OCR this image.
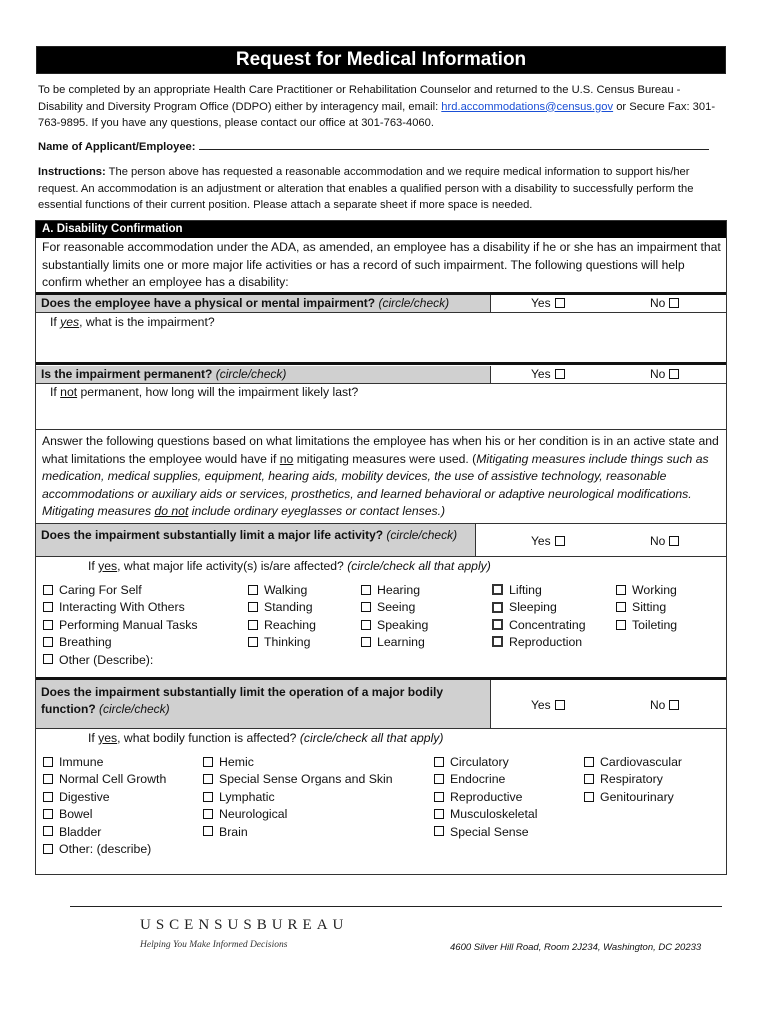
Request for Medical Information
To be completed by an appropriate Health Care Practitioner or Rehabilitation Counselor and returned to the U.S. Census Bureau - Disability and Diversity Program Office (DDPO) either by interagency mail, email: hrd.accommodations@census.gov or Secure Fax: 301-763-9895. If you have any questions, please contact our office at 301-763-4060.
Name of Applicant/Employee:
Instructions: The person above has requested a reasonable accommodation and we require medical information to support his/her request. An accommodation is an adjustment or alteration that enables a qualified person with a disability to successfully perform the essential functions of their current position. Please attach a separate sheet if more space is needed.
A. Disability Confirmation
For reasonable accommodation under the ADA, as amended, an employee has a disability if he or she has an impairment that substantially limits one or more major life activities or has a record of such impairment. The following questions will help confirm whether an employee has a disability:
Does the employee have a physical or mental impairment? (circle/check)	Yes	No
If yes, what is the impairment?
Is the impairment permanent? (circle/check)	Yes	No
If not permanent, how long will the impairment likely last?
Answer the following questions based on what limitations the employee has when his or her condition is in an active state and what limitations the employee would have if no mitigating measures were used. (Mitigating measures include things such as medication, medical supplies, equipment, hearing aids, mobility devices, the use of assistive technology, reasonable accommodations or auxiliary aids or services, prosthetics, and learned behavioral or adaptive neurological modifications. Mitigating measures do not include ordinary eyeglasses or contact lenses.)
Does the impairment substantially limit a major life activity? (circle/check)	Yes	No
If yes, what major life activity(s) is/are affected? (circle/check all that apply)
Caring For Self
Interacting With Others
Performing Manual Tasks
Breathing
Other (Describe):
Walking
Standing
Reaching
Thinking
Hearing
Seeing
Speaking
Learning
Lifting
Sleeping
Concentrating
Reproduction
Working
Sitting
Toileting
Does the impairment substantially limit the operation of a major bodily
function? (circle/check)	Yes	No
If yes, what bodily function is affected? (circle/check all that apply)
Immune
Normal Cell Growth
Digestive
Bowel
Bladder
Other: (describe)
Hemic
Special Sense Organs and Skin
Lymphatic
Neurological
Brain
Circulatory
Endocrine
Reproductive
Musculoskeletal
Special Sense
Cardiovascular
Respiratory
Genitourinary
USCENSUSBUREAU
Helping You Make Informed Decisions	4600 Silver Hill Road, Room 2J234, Washington, DC 20233
